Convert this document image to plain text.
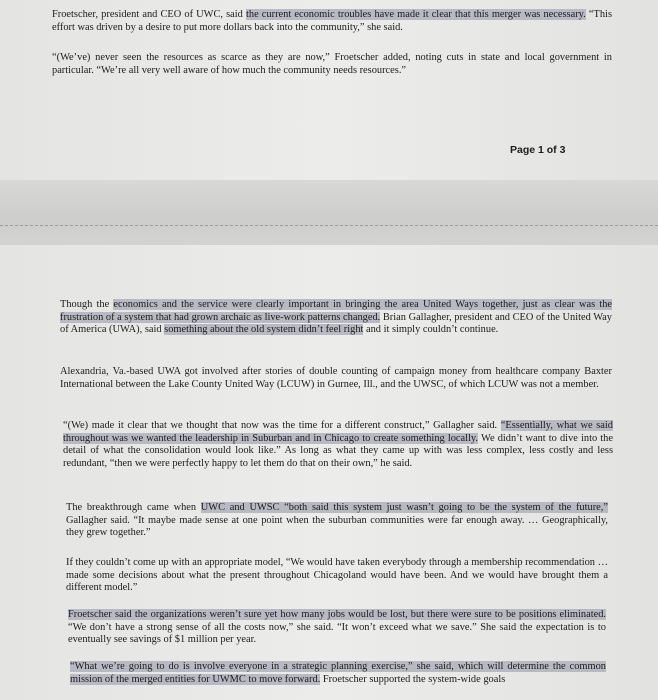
Froetscher, president and CEO of UWC, said the current economic troubles have made it clear that this merger was necessary. “This effort was driven by a desire to put more dollars back into the community,” she said.

“(We’ve) never seen the resources as scarce as they are now,” Froetscher added, noting cuts in state and local government in particular. “We’re all very well aware of how much the community needs resources.”

Page 1 of 3

Though the economics and the service were clearly important in bringing the area United Ways together, just as clear was the frustration of a system that had grown archaic as live-work patterns changed. Brian Gallagher, president and CEO of the United Way of America (UWA), said something about the old system didn’t feel right and it simply couldn’t continue.

Alexandria, Va.-based UWA got involved after stories of double counting of campaign money from healthcare company Baxter International between the Lake County United Way (LCUW) in Gurnee, Ill., and the UWSC, of which LCUW was not a member.

“(We) made it clear that we thought that now was the time for a different construct,” Gallagher said. “Essentially, what we said throughout was we wanted the leadership in Suburban and in Chicago to create something locally. We didn’t want to dive into the detail of what the consolidation would look like.” As long as what they came up with was less complex, less costly and less redundant, “then we were perfectly happy to let them do that on their own,” he said.

The breakthrough came when UWC and UWSC “both said this system just wasn’t going to be the system of the future,” Gallagher said. “It maybe made sense at one point when the suburban communities were far enough away. … Geographically, they grew together.”

If they couldn’t come up with an appropriate model, “We would have taken everybody through a membership recommendation … made some decisions about what the present throughout Chicagoland would have been. And we would have brought them a different model.”

Froetscher said the organizations weren’t sure yet how many jobs would be lost, but there were sure to be positions eliminated. “We don’t have a strong sense of all the costs now,” she said. “It won’t exceed what we save.” She said the expectation is to eventually see savings of $1 million per year.

“What we’re going to do is involve everyone in a strategic planning exercise,” she said, which will determine the common mission of the merged entities for UWMC to move forward. Froetscher supported the system-wide goals
